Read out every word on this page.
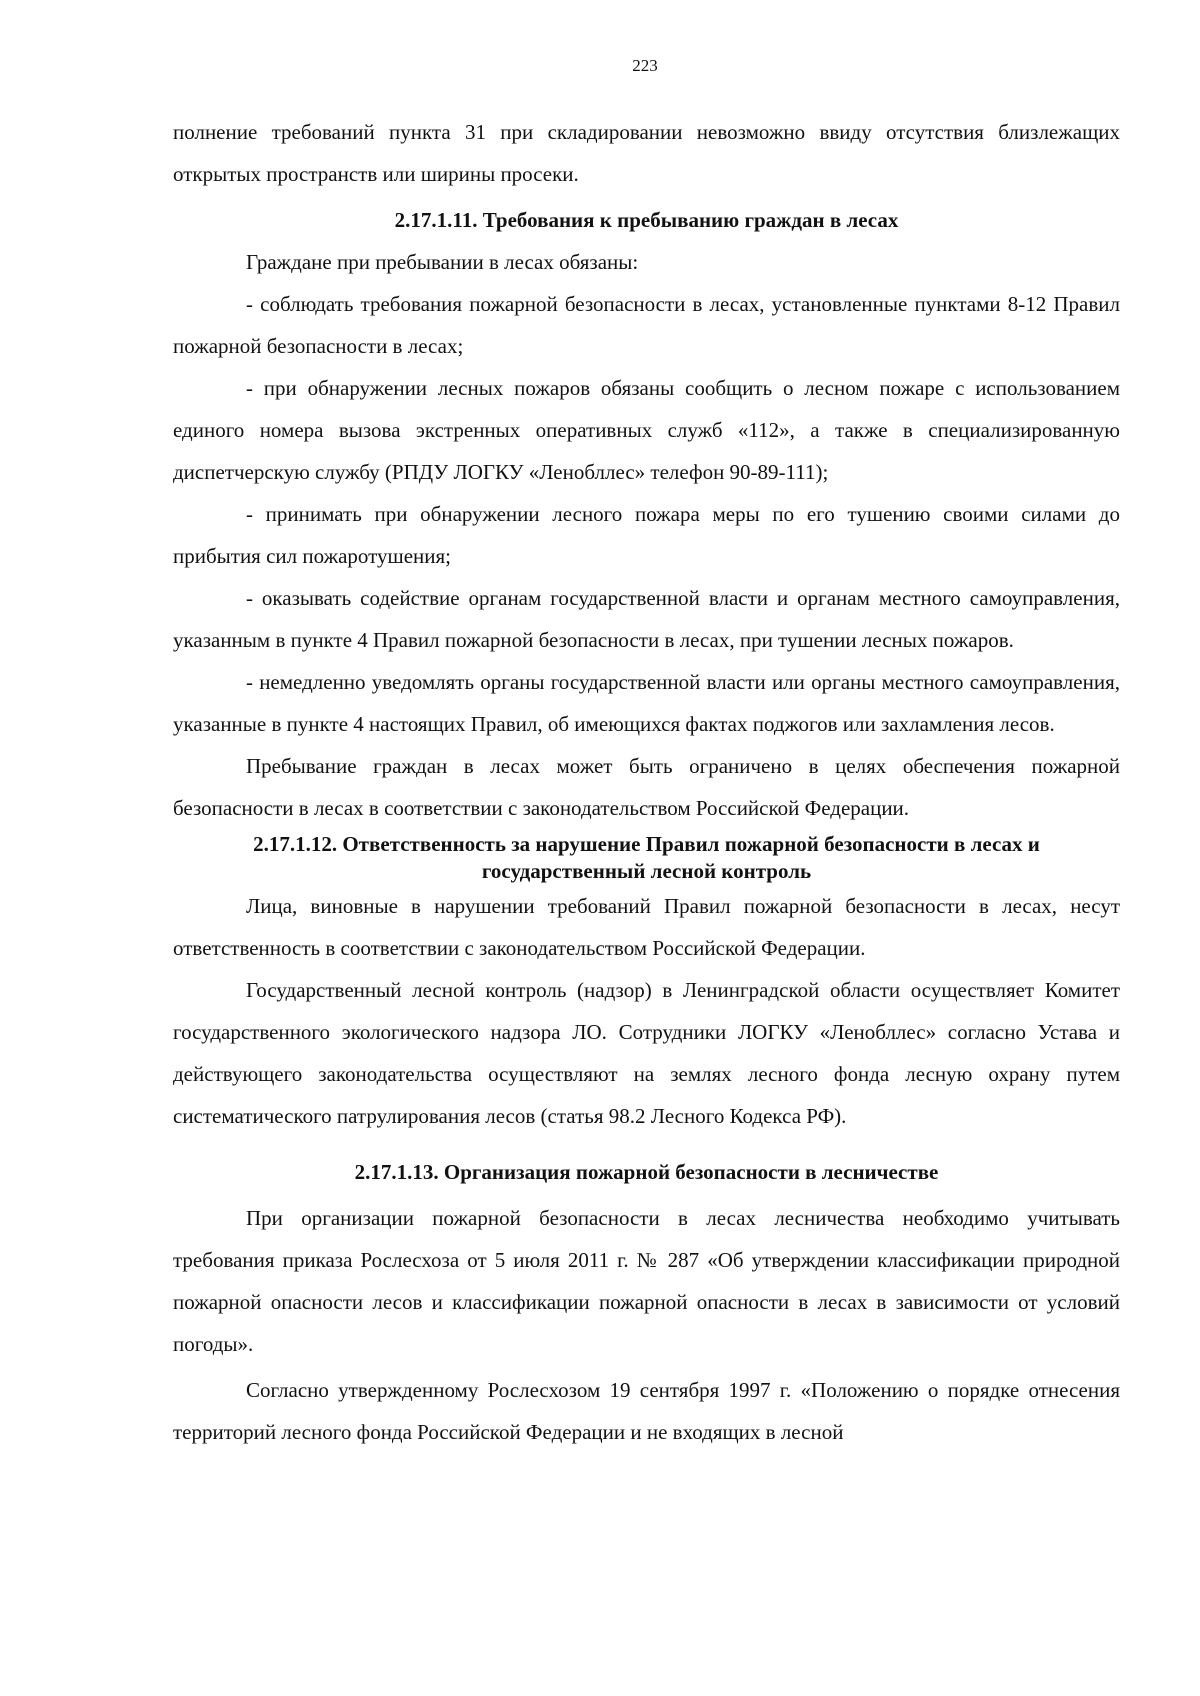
223

полнение требований пункта 31 при складировании невозможно ввиду отсутствия близлежащих открытых пространств или ширины просеки.

2.17.1.11. Требования к пребыванию граждан в лесах

Граждане при пребывании в лесах обязаны:

- соблюдать требования пожарной безопасности в лесах, установленные пунктами 8-12 Правил пожарной безопасности в лесах;

- при обнаружении лесных пожаров обязаны сообщить о лесном пожаре с использованием единого номера вызова экстренных оперативных служб «112», а также в специализированную диспетчерскую службу (РПДУ ЛОГКУ «Ленобллес» телефон 90-89-111);

- принимать при обнаружении лесного пожара меры по его тушению своими силами до прибытия сил пожаротушения;

- оказывать содействие органам государственной власти и органам местного самоуправления, указанным в пункте 4 Правил пожарной безопасности в лесах, при тушении лесных пожаров.

- немедленно уведомлять органы государственной власти или органы местного самоуправления, указанные в пункте 4 настоящих Правил, об имеющихся фактах поджогов или захламления лесов.

Пребывание граждан в лесах может быть ограничено в целях обеспечения пожарной безопасности в лесах в соответствии с законодательством Российской Федерации.

2.17.1.12. Ответственность за нарушение Правил пожарной безопасности в лесах и государственный лесной контроль

Лица, виновные в нарушении требований Правил пожарной безопасности в лесах, несут ответственность в соответствии с законодательством Российской Федерации.

Государственный лесной контроль (надзор) в Ленинградской области осуществляет Комитет государственного экологического надзора ЛО. Сотрудники ЛОГКУ «Ленобллес» согласно Устава и действующего законодательства осуществляют на землях лесного фонда лесную охрану путем систематического патрулирования лесов (статья 98.2 Лесного Кодекса РФ).

2.17.1.13. Организация пожарной безопасности в лесничестве

При организации пожарной безопасности в лесах лесничества необходимо учитывать требования приказа Рослесхоза от 5 июля 2011 г. № 287 «Об утверждении классификации природной пожарной опасности лесов и классификации пожарной опасности в лесах в зависимости от условий погоды».

Согласно утвержденному Рослесхозом 19 сентября 1997 г. «Положению о порядке отнесения территорий лесного фонда Российской Федерации и не входящих в лесной
